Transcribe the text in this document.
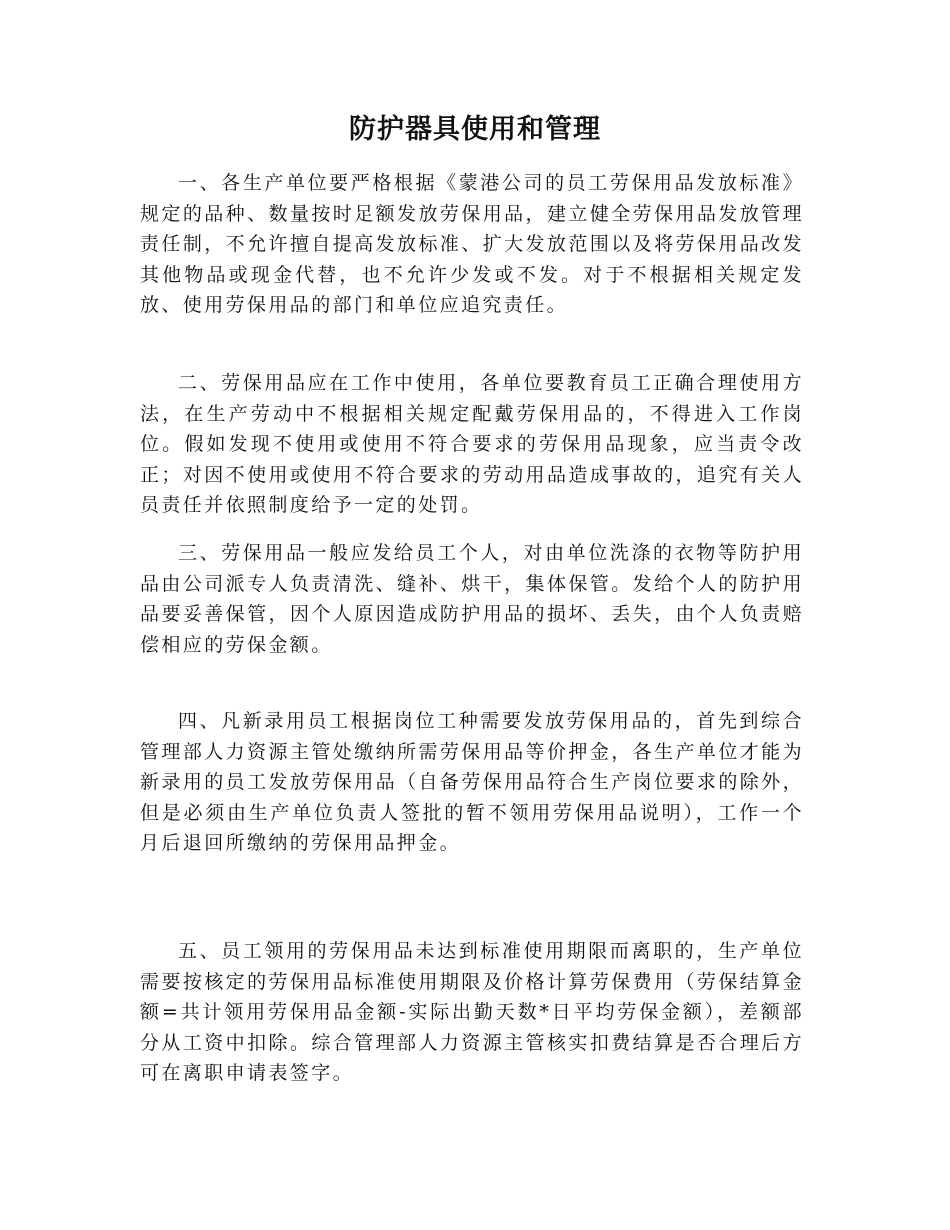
防护器具使用和管理

一、各生产单位要严格根据《蒙港公司的员工劳保用品发放标准》规定的品种、数量按时足额发放劳保用品，建立健全劳保用品发放管理责任制，不允许擅自提高发放标准、扩大发放范围以及将劳保用品改发其他物品或现金代替，也不允许少发或不发。对于不根据相关规定发放、使用劳保用品的部门和单位应追究责任。

二、劳保用品应在工作中使用，各单位要教育员工正确合理使用方法，在生产劳动中不根据相关规定配戴劳保用品的，不得进入工作岗位。假如发现不使用或使用不符合要求的劳保用品现象，应当责令改正；对因不使用或使用不符合要求的劳动用品造成事故的，追究有关人员责任并依照制度给予一定的处罚。

三、劳保用品一般应发给员工个人，对由单位洗涤的衣物等防护用品由公司派专人负责清洗、缝补、烘干，集体保管。发给个人的防护用品要妥善保管，因个人原因造成防护用品的损坏、丢失，由个人负责赔偿相应的劳保金额。

四、凡新录用员工根据岗位工种需要发放劳保用品的，首先到综合管理部人力资源主管处缴纳所需劳保用品等价押金，各生产单位才能为新录用的员工发放劳保用品（自备劳保用品符合生产岗位要求的除外，但是必须由生产单位负责人签批的暂不领用劳保用品说明），工作一个月后退回所缴纳的劳保用品押金。

五、员工领用的劳保用品未达到标准使用期限而离职的，生产单位需要按核定的劳保用品标准使用期限及价格计算劳保费用（劳保结算金额=共计领用劳保用品金额-实际出勤天数*日平均劳保金额），差额部分从工资中扣除。综合管理部人力资源主管核实扣费结算是否合理后方可在离职申请表签字。
